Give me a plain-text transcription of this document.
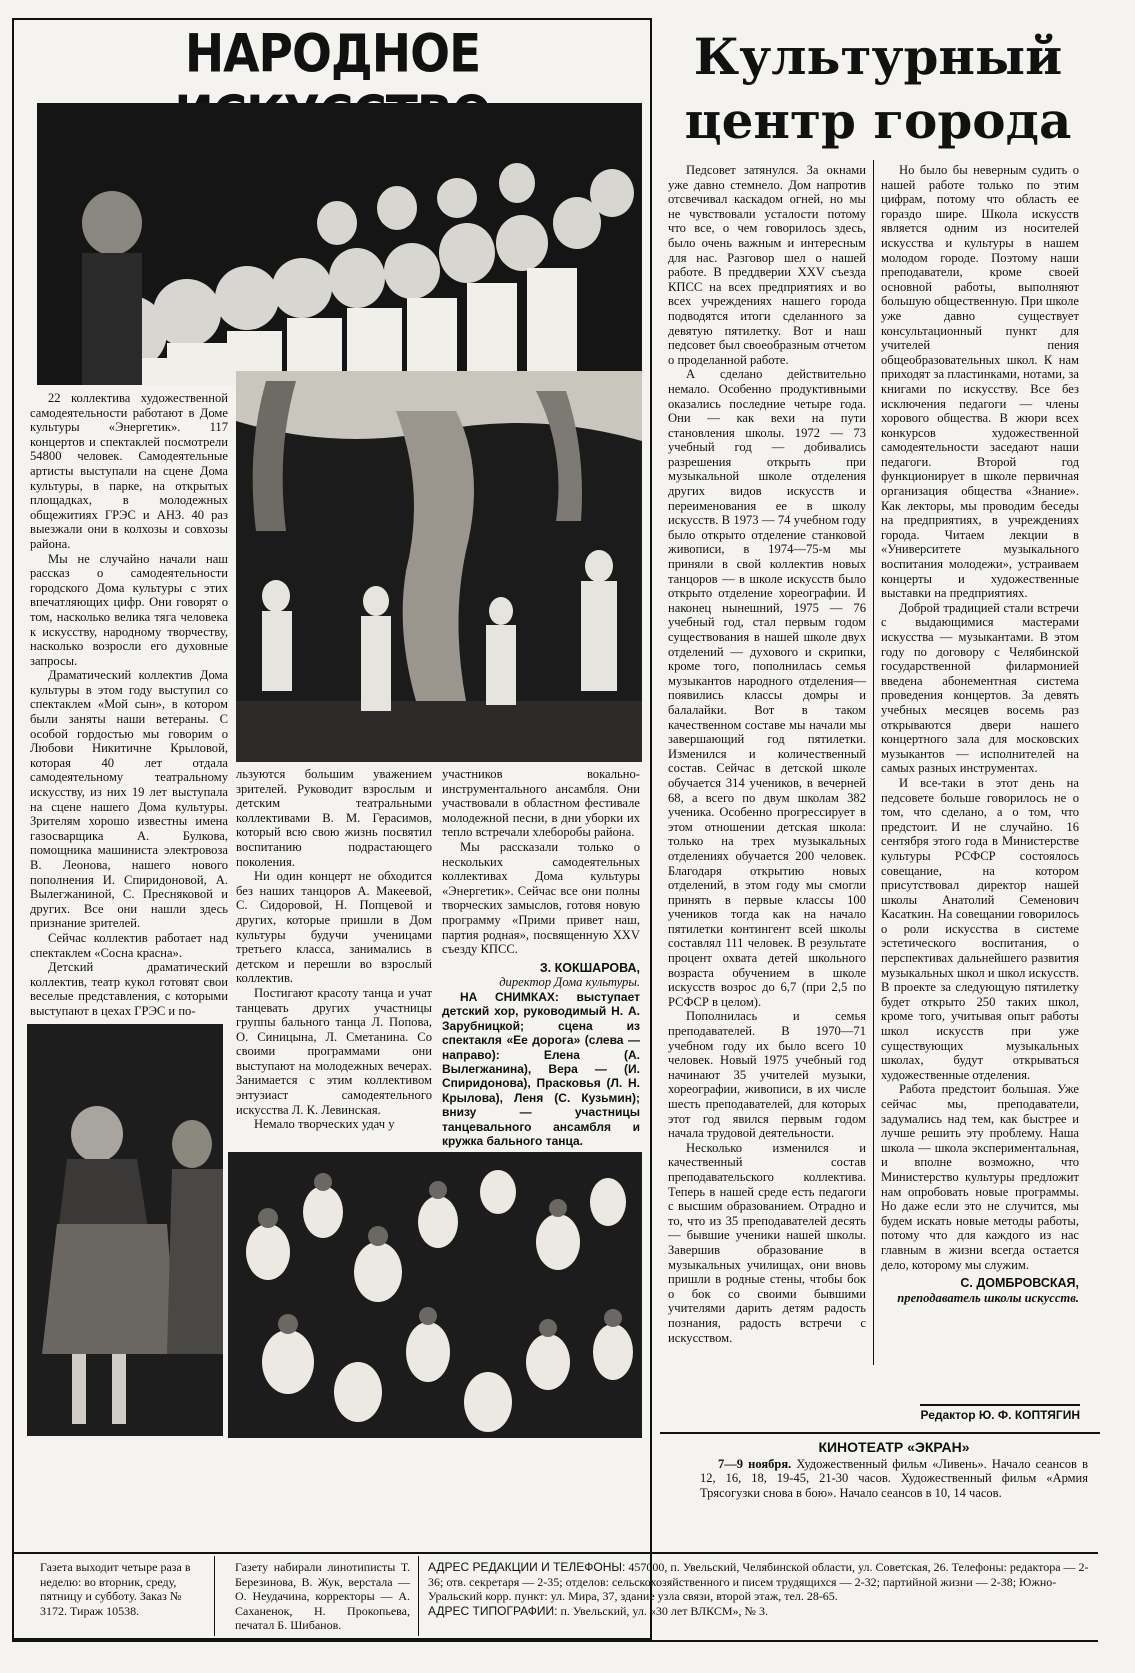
НАРОДНОЕ

22 коллектива художественной самодеятельности работают в Доме культуры «Энергетик». 117 концертов и спектаклей посмотрели 54800 человек. Самодеятельные артисты выступали на сцене Дома культуры, в парке, на открытых площадках, в молодежных общежитиях ГРЭС и АНЗ. 40 раз выезжали они в колхозы и совхозы района.

Мы не случайно начали наш рассказ о самодеятельности городского Дома культуры с этих впечатляющих цифр. Они говорят о том, насколько велика тяга человека к искусству, народному творчеству, насколько возросли его духовные запросы.

Драматический коллектив Дома культуры в этом году выступил со спектаклем «Мой сын», в котором были заняты наши ветераны. С особой гордостью мы говорим о Любови Никитичне Крыловой, которая 40 лет отдала самодеятельному театральному искусству, из них 19 лет выступала на сцене нашего Дома культуры. Зрителям хорошо известны имена газосварщика А. Булкова, помощника машиниста электровоза В. Леонова, нашего нового пополнения И. Спиридоновой, А. Вылегжаниной, С. Пресняковой и других. Все они нашли здесь признание зрителей.

Сейчас коллектив работает над спектаклем «Сосна красна».

Детский драматический коллектив, театр кукол готовят свои веселые представления, с которыми выступают в цехах ГРЭС и по-

льзуются большим уважением зрителей. Руководит взрослым и детским театральными коллективами В. М. Герасимов, который всю свою жизнь посвятил воспитанию подрастающего поколения.

Ни один концерт не обходится без наших танцоров А. Макеевой, С. Сидоровой, Н. Попцевой и других, которые пришли в Дом культуры будучи ученицами третьего класса, занимались в детском и перешли во взрослый коллектив.

Постигают красоту танца и учат танцевать других участницы группы бального танца Л. Попова, О. Синицына, Л. Сметанина. Со своими программами они выступают на молодежных вечерах. Занимается с этим коллективом энтузиаст самодеятельного искусства Л. К. Левинская.

Немало творческих удач у

участников вокально-инструментального ансамбля. Они участвовали в областном фестивале молодежной песни, в дни уборки их тепло встречали хлеборобы района.

Мы рассказали только о нескольких самодеятельных коллективах Дома культуры «Энергетик». Сейчас все они полны творческих замыслов, готовя новую программу «Прими привет наш, партия родная», посвященную XXV съезду КПСС.

З. КОКШАРОВА,
директор Дома культуры.

НА СНИМКАХ: выступает детский хор, руководимый Н. А. Зарубницкой; сцена из спектакля «Ее дорога» (слева — направо): Елена (А. Вылегжанина), Вера — (И. Спиридонова), Прасковья (Л. Н. Крылова), Леня (С. Кузьмин); внизу — участницы танцевального ансамбля и кружка бального танца.

Культурный
центр города

Педсовет затянулся. За окнами уже давно стемнело. Дом напротив отсвечивал каскадом огней, но мы не чувствовали усталости потому что все, о чем говорилось здесь, было очень важным и интересным для нас. Разговор шел о нашей работе. В преддверии XXV съезда КПСС на всех предприятиях и во всех учреждениях нашего города подводятся итоги сделанного за девятую пятилетку. Вот и наш педсовет был своеобразным отчетом о проделанной работе.

А сделано действительно немало. Особенно продуктивными оказались последние четыре года. Они — как вехи на пути становления школы. 1972 — 73 учебный год — добивались разрешения открыть при музыкальной школе отделения других видов искусств и переименования ее в школу искусств. В 1973 — 74 учебном году было открыто отделение станковой живописи, в 1974—75-м мы приняли в свой коллектив новых танцоров — в школе искусств было открыто отделение хореографии. И наконец нынешний, 1975 — 76 учебный год, стал первым годом существования в нашей школе двух отделений — духового и скрипки, кроме того, пополнилась семья музыкантов народного отделения—появились классы домры и балалайки. Вот в таком качественном составе мы начали мы завершающий год пятилетки. Изменился и количественный состав. Сейчас в детской школе обучается 314 учеников, в вечерней 68, а всего по двум школам 382 ученика. Особенно прогрессирует в этом отношении детская школа: только на трех музыкальных отделениях обучается 200 человек. Благодаря открытию новых отделений, в этом году мы смогли принять в первые классы 100 учеников тогда как на начало пятилетки контингент всей школы составлял 111 человек. В результате процент охвата детей школьного возраста обучением в школе искусств возрос до 6,7 (при 2,5 по РСФСР в целом).

Пополнилась и семья преподавателей. В 1970—71 учебном году их было всего 10 человек. Новый 1975 учебный год начинают 35 учителей музыки, хореографии, живописи, в их числе шесть преподавателей, для которых этот год явился первым годом начала трудовой деятельности.

Несколько изменился и качественный состав преподавательского коллектива. Теперь в нашей среде есть педагоги с высшим образованием. Отрадно и то, что из 35 преподавателей десять — бывшие ученики нашей школы. Завершив образование в музыкальных училищах, они вновь пришли в родные стены, чтобы бок о бок со своими бывшими учителями дарить детям радость познания, радость встречи с искусством.

Но было бы неверным судить о нашей работе только по этим цифрам, потому что область ее гораздо шире. Школа искусств является одним из носителей искусства и культуры в нашем молодом городе. Поэтому наши преподаватели, кроме своей основной работы, выполняют большую общественную. При школе уже давно существует консультационный пункт для учителей пения общеобразовательных школ. К нам приходят за пластинками, нотами, за книгами по искусству. Все без исключения педагоги — члены хорового общества. В жюри всех конкурсов художественной самодеятельности заседают наши педагоги. Второй год функционирует в школе первичная организация общества «Знание». Как лекторы, мы проводим беседы на предприятиях, в учреждениях города. Читаем лекции в «Университете музыкального воспитания молодежи», устраиваем концерты и художественные выставки на предприятиях.

Доброй традицией стали встречи с выдающимися мастерами искусства — музыкантами. В этом году по договору с Челябинской государственной филармонией введена абонементная система проведения концертов. За девять учебных месяцев восемь раз открываются двери нашего концертного зала для московских музыкантов — исполнителей на самых разных инструментах.

И все-таки в этот день на педсовете больше говорилось не о том, что сделано, а о том, что предстоит. И не случайно. 16 сентября этого года в Министерстве культуры РСФСР состоялось совещание, на котором присутствовал директор нашей школы Анатолий Семенович Касаткин. На совещании говорилось о роли искусства в системе эстетического воспитания, о перспективах дальнейшего развития музыкальных школ и школ искусств. В проекте за следующую пятилетку будет открыто 250 таких школ, кроме того, учитывая опыт работы школ искусств при уже существующих музыкальных школах, будут открываться художественные отделения.

Работа предстоит большая. Уже сейчас мы, преподаватели, задумались над тем, как быстрее и лучше решить эту проблему. Наша школа — школа экспериментальная, и вполне возможно, что Министерство культуры предложит нам опробовать новые программы. Но даже если это не случится, мы будем искать новые методы работы, потому что для каждого из нас главным в жизни всегда остается дело, которому мы служим.

С. ДОМБРОВСКАЯ,
преподаватель школы искусств.
Редактор Ю. Ф. КОПТЯГИН
КИНОТЕАТР «ЭКРАН»
7—9 ноября. Художественный фильм «Ливень». Начало сеансов в 12, 16, 18, 19-45, 21-30 часов. Художественный фильм «Армия Трясогузки снова в бою». Начало сеансов в 10, 14 часов.
Газета выходит четыре раза в неделю: во вторник, среду, пятницу и субботу. Заказ № 3172. Тираж 10538.
Газету набирали линотиписты Т. Березинова, В. Жук, верстала — О. Неудачина, корректоры — А. Саханенок, Н. Прокопьева, печатал Б. Шибанов.
АДРЕС РЕДАКЦИИ И ТЕЛЕФОНЫ: 457000, п. Увельский, Челябинской области, ул. Советская, 26. Телефоны: редактора — 2-36; отв. секретаря — 2-35; отделов: сельскохозяйственного и писем трудящихся — 2-32; партийной жизни — 2-38; Южно-Уральский корр. пункт: ул. Мира, 37, здание узла связи, второй этаж, тел. 28-65.
АДРЕС ТИПОГРАФИИ: п. Увельский, ул. «30 лет ВЛКСМ», № 3.
